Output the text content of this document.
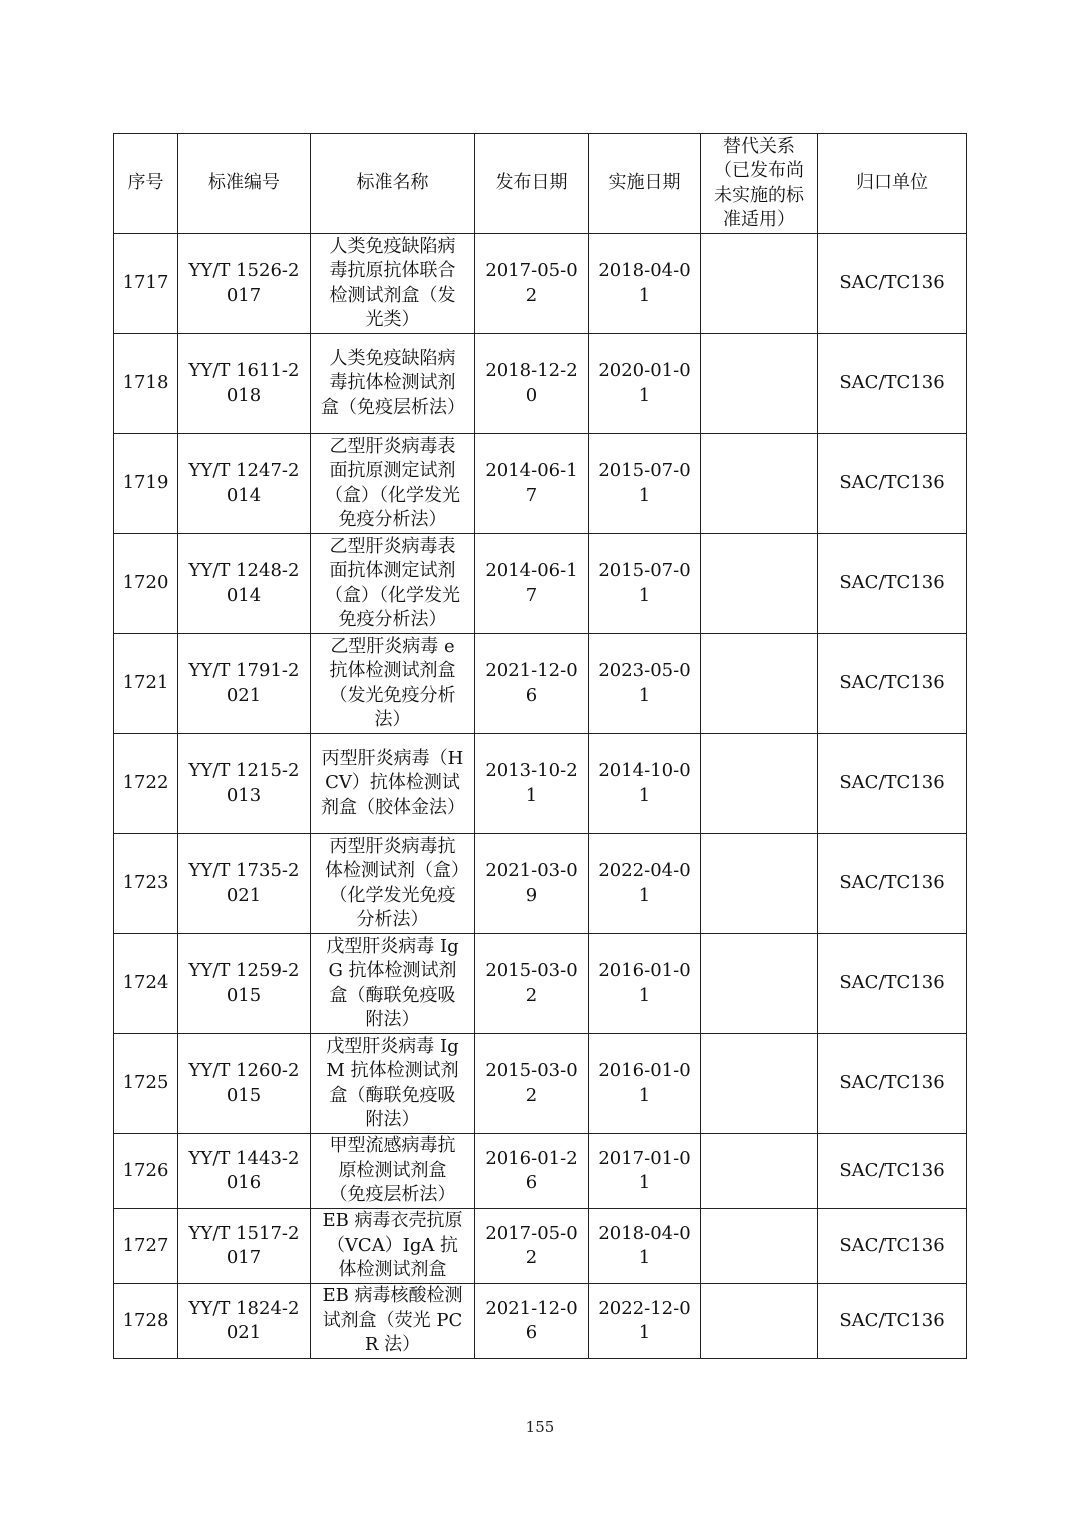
序号	标准编号	标准名称	发布日期	实施日期	替代关系（已发布尚未实施的标准适用）	归口单位
1717	YY/T 1526-2017	人类免疫缺陷病毒抗原抗体联合检测试剂盒（发光类）	2017-05-02	2018-04-01		SAC/TC136
1718	YY/T 1611-2018	人类免疫缺陷病毒抗体检测试剂盒（免疫层析法）	2018-12-20	2020-01-01		SAC/TC136
1719	YY/T 1247-2014	乙型肝炎病毒表面抗原测定试剂（盒）（化学发光免疫分析法）	2014-06-17	2015-07-01		SAC/TC136
1720	YY/T 1248-2014	乙型肝炎病毒表面抗体测定试剂（盒）（化学发光免疫分析法）	2014-06-17	2015-07-01		SAC/TC136
1721	YY/T 1791-2021	乙型肝炎病毒 e 抗体检测试剂盒（发光免疫分析法）	2021-12-06	2023-05-01		SAC/TC136
1722	YY/T 1215-2013	丙型肝炎病毒（HCV）抗体检测试剂盒（胶体金法）	2013-10-21	2014-10-01		SAC/TC136
1723	YY/T 1735-2021	丙型肝炎病毒抗体检测试剂（盒）（化学发光免疫分析法）	2021-03-09	2022-04-01		SAC/TC136
1724	YY/T 1259-2015	戊型肝炎病毒 IgG 抗体检测试剂盒（酶联免疫吸附法）	2015-03-02	2016-01-01		SAC/TC136
1725	YY/T 1260-2015	戊型肝炎病毒 IgM 抗体检测试剂盒（酶联免疫吸附法）	2015-03-02	2016-01-01		SAC/TC136
1726	YY/T 1443-2016	甲型流感病毒抗原检测试剂盒（免疫层析法）	2016-01-26	2017-01-01		SAC/TC136
1727	YY/T 1517-2017	EB 病毒衣壳抗原（VCA）IgA 抗体检测试剂盒	2017-05-02	2018-04-01		SAC/TC136
1728	YY/T 1824-2021	EB 病毒核酸检测试剂盒（荧光 PCR 法）	2021-12-06	2022-12-01		SAC/TC136
155
